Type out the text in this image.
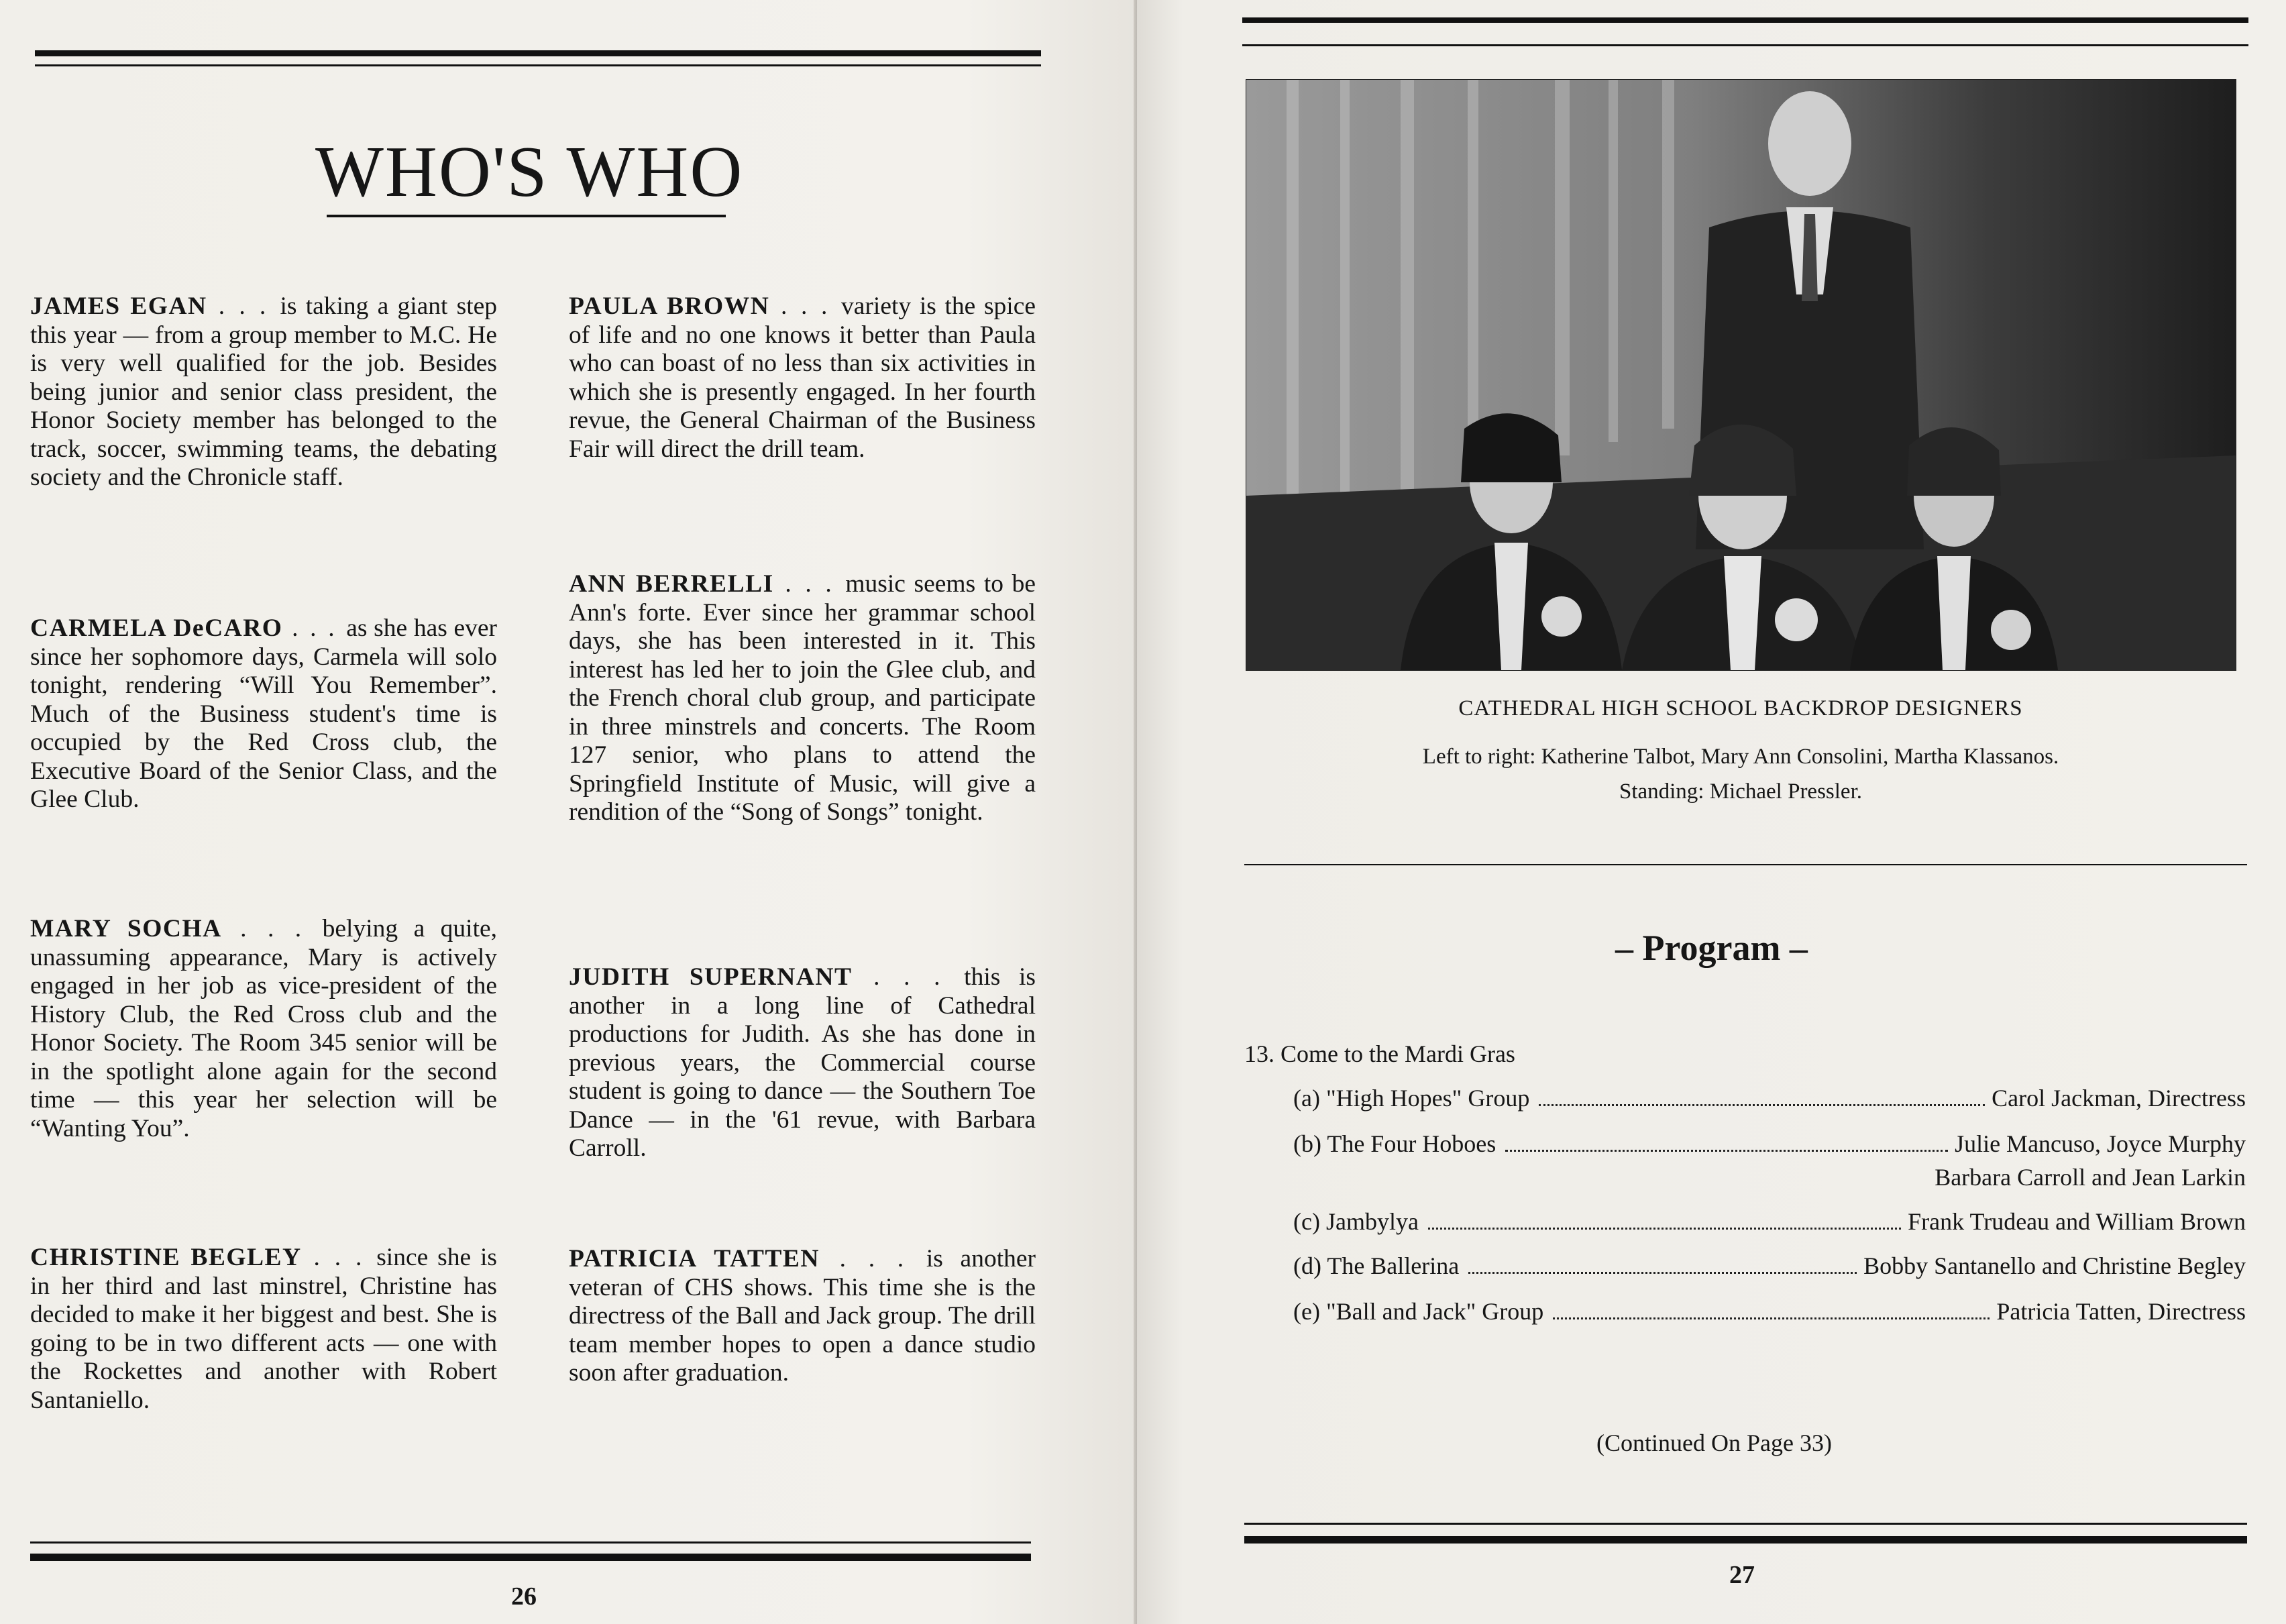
WHO'S WHO

JAMES EGAN . . . is taking a giant step this year — from a group member to M.C. He is very well qualified for the job. Besides being junior and senior class president, the Honor Society member has belonged to the track, soccer, swimming teams, the debating society and the Chronicle staff.

CARMELA DeCARO . . . as she has ever since her sophomore days, Carmela will solo tonight, rendering “Will You Remember”. Much of the Business student's time is occupied by the Red Cross club, the Executive Board of the Senior Class, and the Glee Club.

MARY SOCHA . . . belying a quite, unassuming appearance, Mary is actively engaged in her job as vice-president of the History Club, the Red Cross club and the Honor Society. The Room 345 senior will be in the spotlight alone again for the second time — this year her selection will be “Wanting You”.

CHRISTINE BEGLEY . . . since she is in her third and last minstrel, Christine has decided to make it her biggest and best. She is going to be in two different acts — one with the Rockettes and another with Robert Santaniello.

PAULA BROWN . . . variety is the spice of life and no one knows it better than Paula who can boast of no less than six activities in which she is presently engaged. In her fourth revue, the General Chairman of the Business Fair will direct the drill team.

ANN BERRELLI . . . music seems to be Ann's forte. Ever since her grammar school days, she has been interested in it. This interest has led her to join the Glee club, and the French choral club group, and participate in three minstrels and concerts. The Room 127 senior, who plans to attend the Springfield Institute of Music, will give a rendition of the “Song of Songs” tonight.

JUDITH SUPERNANT . . . this is another in a long line of Cathedral productions for Judith. As she has done in previous years, the Commercial course student is going to dance — the Southern Toe Dance — in the '61 revue, with Barbara Carroll.

PATRICIA TATTEN . . . is another veteran of CHS shows. This time she is the directress of the Ball and Jack group. The drill team member hopes to open a dance studio soon after graduation.

26
CATHEDRAL HIGH SCHOOL BACKDROP DESIGNERS
Left to right: Katherine Talbot, Mary Ann Consolini, Martha Klassanos.
Standing: Michael Pressler.
– Program –
13. Come to the Mardi Gras
(a) "High Hopes" Group	Carol Jackman, Directress
(b) The Four Hoboes	Julie Mancuso, Joyce Murphy
Barbara Carroll and Jean Larkin
(c) Jambylya	Frank Trudeau and William Brown
(d) The Ballerina	Bobby Santanello and Christine Begley
(e) "Ball and Jack" Group	Patricia Tatten, Directress
(Continued On Page 33)
27
